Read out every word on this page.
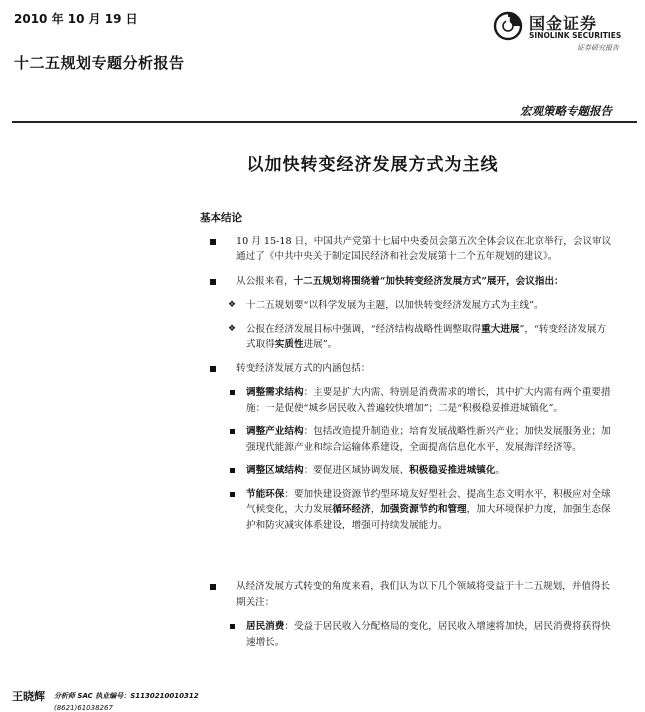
2010 年 10 月 19 日
十二五规划专题分析报告
国金证券
SINOLINK SECURITIES
证券研究报告
宏观策略专题报告
以加快转变经济发展方式为主线
基本结论
10 月 15-18 日，中国共产党第十七届中央委员会第五次全体会议在北京举行，会议审议通过了《中共中央关于制定国民经济和社会发展第十二个五年规划的建议》。
从公报来看，十二五规划将围绕着“加快转变经济发展方式”展开，会议指出：
❖ 十二五规划要“以科学发展为主题，以加快转变经济发展方式为主线”。
❖ 公报在经济发展目标中强调，“经济结构战略性调整取得重大进展”，“转变经济发展方式取得实质性进展”。
转变经济发展方式的内涵包括：
调整需求结构：主要是扩大内需、特别是消费需求的增长，其中扩大内需有两个重要措施：一是促使“城乡居民收入普遍较快增加”；二是“积极稳妥推进城镇化”。
调整产业结构：包括改造提升制造业；培育发展战略性新兴产业；加快发展服务业；加强现代能源产业和综合运输体系建设，全面提高信息化水平，发展海洋经济等。
调整区域结构：要促进区域协调发展、积极稳妥推进城镇化。
节能环保：要加快建设资源节约型环境友好型社会、提高生态文明水平，积极应对全球气候变化，大力发展循环经济，加强资源节约和管理，加大环境保护力度，加强生态保护和防灾减灾体系建设，增强可持续发展能力。
从经济发展方式转变的角度来看，我们认为以下几个领域将受益于十二五规划，并值得长期关注：
居民消费：受益于居民收入分配格局的变化，居民收入增速将加快，居民消费将获得快速增长。
王晓辉 分析师 SAC 执业编号：S1130210010312
(8621)61038267
